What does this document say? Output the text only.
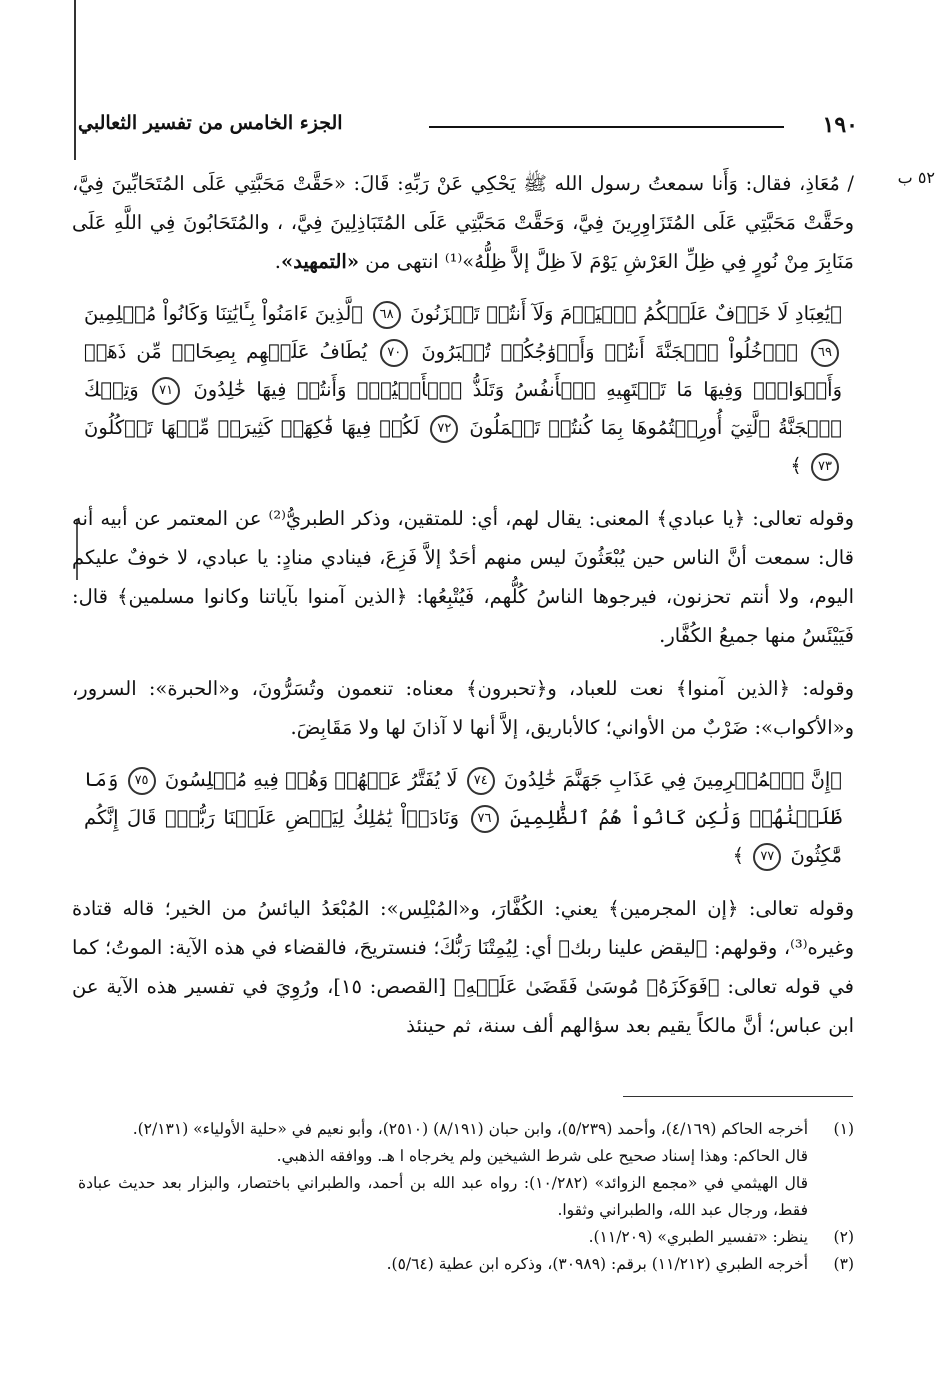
١٩٠
الجزء الخامس من تفسير الثعالبي
٥٢ ب

/ مُعَاذِ، فقال: وَأَنا سمعتُ رسول الله ﷺ يَحْكِي عَنْ رَبِّهِ: قَالَ: «حَقَّتْ مَحَبَّتِي عَلَى المُتَحَابِّينَ فِيَّ، وحَقَّتْ مَحَبَّتِي عَلَى المُتَزَاوِرِينَ فِيَّ، وَحَقَّتْ مَحَبَّتِي عَلَى المُتَبَاذِلِينَ فِيَّ، ، والمُتَحَابُونَ فِي اللَّهِ عَلَى مَنَابِرَ مِنْ نُورٍ فِي ظِلِّ العَرْشِ يَوْمَ لاَ ظِلَّ إلاَّ ظِلُّهُ»⁽¹⁾ انتهى من «التمهيد».

﴿يَٰعِبَادِ لَا خَوۡفٌ عَلَيۡكُمُ ٱلۡيَوۡمَ وَلَآ أَنتُمۡ تَحۡزَنُونَ ٦٨ ٱلَّذِينَ ءَامَنُواْ بِـَٔايَٰتِنَا وَكَانُواْ مُسۡلِمِينَ ٦٩ ٱدۡخُلُواْ ٱلۡجَنَّةَ أَنتُمۡ وَأَزۡوَٰجُكُمۡ تُحۡبَرُونَ ٧٠ يُطَافُ عَلَيۡهِم بِصِحَافٖ مِّن ذَهَبٖ وَأَكۡوَابٖۖ وَفِيهَا مَا تَشۡتَهِيهِ ٱلۡأَنفُسُ وَتَلَذُّ ٱلۡأَعۡيُنُۖ وَأَنتُمۡ فِيهَا خَٰلِدُونَ ٧١ وَتِلۡكَ ٱلۡجَنَّةُ ٱلَّتِيٓ أُورِثۡتُمُوهَا بِمَا كُنتُمۡ تَعۡمَلُونَ ٧٢ لَكُمۡ فِيهَا فَٰكِهَةٞ كَثِيرَةٞ مِّنۡهَا تَأۡكُلُونَ ٧٣ ﴾

وقوله تعالى: ﴿يا عبادي﴾ المعنى: يقال لهم، أي: للمتقين، وذكر الطبريُّ⁽²⁾ عن المعتمر عن أبيه أنه قال: سمعت أنَّ الناس حين يُبْعَثُونَ ليس منهم أحَدٌ إلاَّ فَزِعَ، فينادي منادٍ: يا عبادي، لا خوفٌ عليكم اليوم، ولا أنتم تحزنون، فيرجوها الناسُ كُلُّهم، فَيُتْبِعُها: ﴿الذين آمنوا بآياتنا وكانوا مسلمين﴾ قال: فَيَيْئَسُ منها جميعُ الكُفَّار.

وقوله: ﴿الذين آمنوا﴾ نعت للعباد، و﴿تحبرون﴾ معناه: تنعمون وتُسَرُّونَ، و«الحبرة»: السرور، و«الأكواب»: ضَرْبٌ من الأواني؛ كالأباريق، إلاَّ أنها لا آذانَ لها ولا مَقَابِضَ.

﴿إِنَّ ٱلۡمُجۡرِمِينَ فِي عَذَابِ جَهَنَّمَ خَٰلِدُونَ ٧٤ لَا يُفَتَّرُ عَنۡهُمۡ وَهُمۡ فِيهِ مُبۡلِسُونَ ٧٥ وَمَا ظَلَمۡنَٰهُمۡ وَلَٰكِن كَانُواْ هُمُ ٱلظَّٰلِمِينَ ٧٦ وَنَادَوۡاْ يَٰمَٰلِكُ لِيَقۡضِ عَلَيۡنَا رَبُّكَۖ قَالَ إِنَّكُم مَّٰكِثُونَ ٧٧ ﴾

وقوله تعالى: ﴿إن المجرمين﴾ يعني: الكُفَّارَ، و«المُبْلِس»: المُبْعَدُ اليائسُ من الخير؛ قاله قتادة وغيره⁽³⁾، وقولهم: ﴿ليقض علينا ربك﴾ أي: لِيُمِتْنَا رَبُّكَ؛ فنستريحَ، فالقضاء في هذه الآية: الموتُ؛ كما في قوله تعالى: ﴿فَوَكَزَهُۥ مُوسَىٰ فَقَضَىٰ عَلَيۡهِ﴾ [القصص: ١٥]، ورُوِيَ في تفسير هذه الآية عن ابن عباس؛ أنَّ مالكاً يقيم بعد سؤالهم ألف سنة، ثم حينئذ

(١)
أخرجه الحاكم (٤/١٦٩)، وأحمد (٥/٢٣٩)، وابن حبان (٨/١٩١) (٢٥١٠)، وأبو نعيم في «حلية الأولياء» (٢/١٣١).
قال الحاكم: وهذا إسناد صحيح على شرط الشيخين ولم يخرجاه ا هـ. ووافقه الذهبي.
قال الهيثمي في «مجمع الزوائد» (١٠/٢٨٢): رواه عبد الله بن أحمد، والطبراني باختصار، والبزار بعد حديث عبادة فقط، ورجال عبد الله، والطبراني وثقوا.
(٢)
ينظر: «تفسير الطبري» (١١/٢٠٩).
(٣)
أخرجه الطبري (١١/٢١٢) برقم: (٣٠٩٨٩)، وذكره ابن عطية (٥/٦٤).
